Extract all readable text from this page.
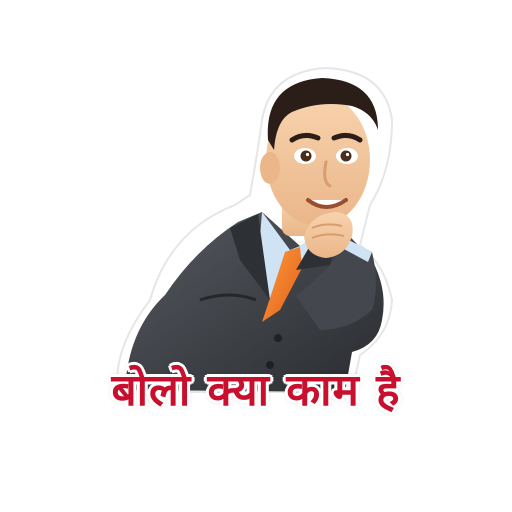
बोलो क्या काम है
